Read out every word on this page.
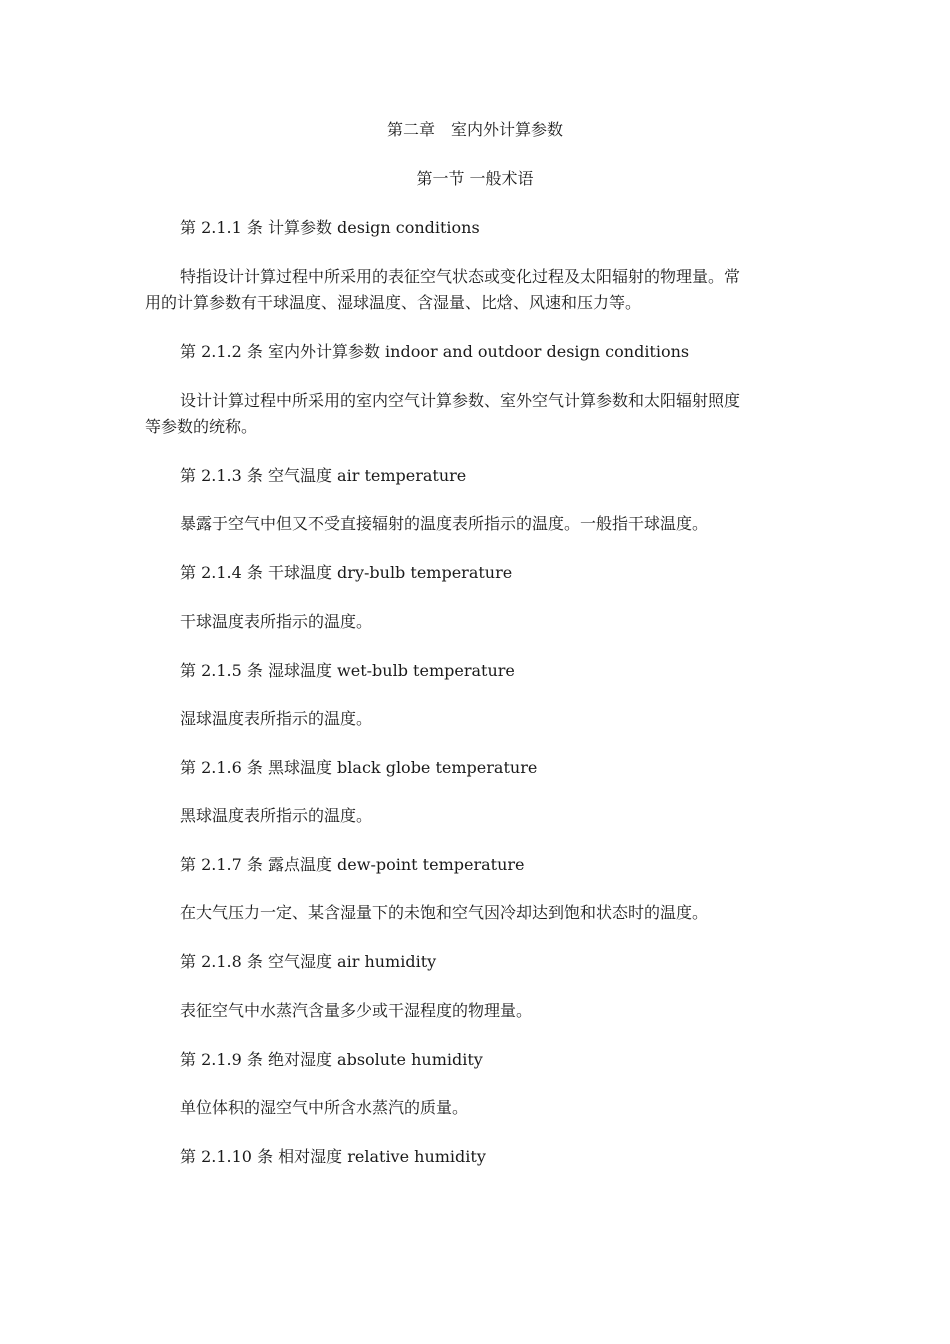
第二章　室内外计算参数
第一节 一般术语
第 2.1.1 条 计算参数 design conditions
特指设计计算过程中所采用的表征空气状态或变化过程及太阳辐射的物理量。常
用的计算参数有干球温度、湿球温度、含湿量、比焓、风速和压力等。
第 2.1.2 条 室内外计算参数 indoor and outdoor design conditions
设计计算过程中所采用的室内空气计算参数、室外空气计算参数和太阳辐射照度
等参数的统称。
第 2.1.3 条 空气温度 air temperature
暴露于空气中但又不受直接辐射的温度表所指示的温度。一般指干球温度。
第 2.1.4 条 干球温度 dry-bulb temperature
干球温度表所指示的温度。
第 2.1.5 条 湿球温度 wet-bulb temperature
湿球温度表所指示的温度。
第 2.1.6 条 黑球温度 black globe temperature
黑球温度表所指示的温度。
第 2.1.7 条 露点温度 dew-point temperature
在大气压力一定、某含湿量下的未饱和空气因冷却达到饱和状态时的温度。
第 2.1.8 条 空气湿度 air humidity
表征空气中水蒸汽含量多少或干湿程度的物理量。
第 2.1.9 条 绝对湿度 absolute humidity
单位体积的湿空气中所含水蒸汽的质量。
第 2.1.10 条 相对湿度 relative humidity
